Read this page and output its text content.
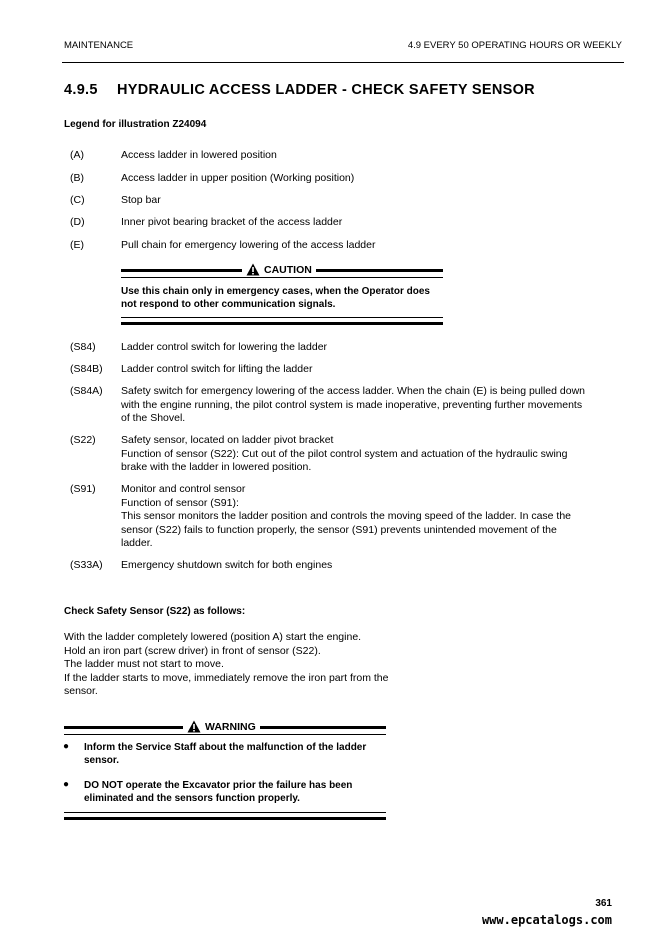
MAINTENANCE	4.9 EVERY 50 OPERATING HOURS OR WEEKLY
4.9.5 HYDRAULIC ACCESS LADDER - CHECK SAFETY SENSOR
Legend for illustration Z24094
(A)	Access ladder in lowered position
(B)	Access ladder in upper position (Working position)
(C)	Stop bar
(D)	Inner pivot bearing bracket of the access ladder
(E)	Pull chain for emergency lowering of the access ladder
CAUTION
Use this chain only in emergency cases, when the Operator does not respond to other communication signals.
(S84) Ladder control switch for lowering the ladder
(S84B) Ladder control switch for lifting the ladder
(S84A) Safety switch for emergency lowering of the access ladder. When the chain (E) is being pulled down with the engine running, the pilot control system is made inoperative, preventing further movements of the Shovel.
(S22) Safety sensor, located on ladder pivot bracket
Function of sensor (S22): Cut out of the pilot control system and actuation of the hydraulic swing brake with the ladder in lowered position.
(S91) Monitor and control sensor
Function of sensor (S91):
This sensor monitors the ladder position and controls the moving speed of the ladder. In case the sensor (S22) fails to function properly, the sensor (S91) prevents unintended movement of the ladder.
(S33A) Emergency shutdown switch for both engines
Check Safety Sensor (S22) as follows:
With the ladder completely lowered (position A) start the engine.
Hold an iron part (screw driver) in front of sensor (S22).
The ladder must not start to move.
If the ladder starts to move, immediately remove the iron part from the sensor.
WARNING
● Inform the Service Staff about the malfunction of the ladder sensor.
● DO NOT operate the Excavator prior the failure has been eliminated and the sensors function properly.
361
www.epcatalogs.com
